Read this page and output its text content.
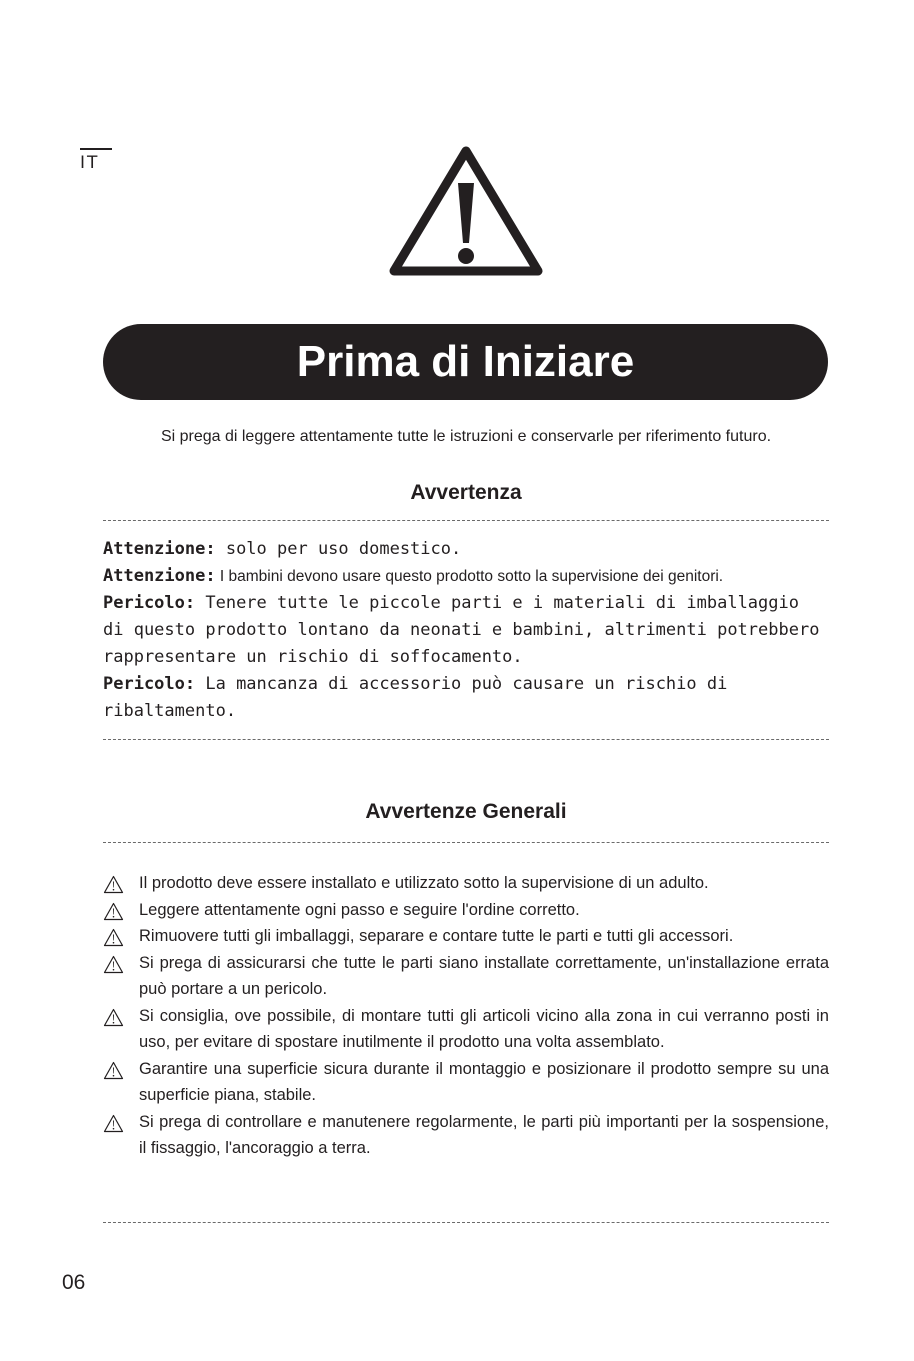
IT
Prima di Iniziare
Si prega di leggere attentamente tutte le istruzioni e conservarle per riferimento futuro.
Avvertenza

Attenzione: solo per uso domestico.

Attenzione: I bambini devono usare questo prodotto sotto la supervisione dei genitori.

Pericolo: Tenere tutte le piccole parti e i materiali di imballaggio di questo prodotto lontano da neonati e bambini, altrimenti potrebbero rappresentare un rischio di soffocamento.

Pericolo: La mancanza di accessorio può causare un rischio di ribaltamento.

Avvertenze Generali
Il prodotto deve essere installato e utilizzato sotto la supervisione di un adulto.
Leggere attentamente ogni passo e seguire l'ordine corretto.
Rimuovere tutti gli imballaggi, separare e contare tutte le parti e tutti gli accessori.
Si prega di assicurarsi che tutte le parti siano installate correttamente, un'installazione errata può portare a un pericolo.
Si consiglia, ove possibile, di montare tutti gli articoli vicino alla zona in cui verranno posti in uso, per evitare di spostare inutilmente il prodotto una volta assemblato.
Garantire una superficie sicura durante il montaggio e posizionare il prodotto sempre su una superficie piana, stabile.
Si prega di controllare e manutenere regolarmente, le parti più importanti per la sospensione, il fissaggio, l'ancoraggio a terra.
06
